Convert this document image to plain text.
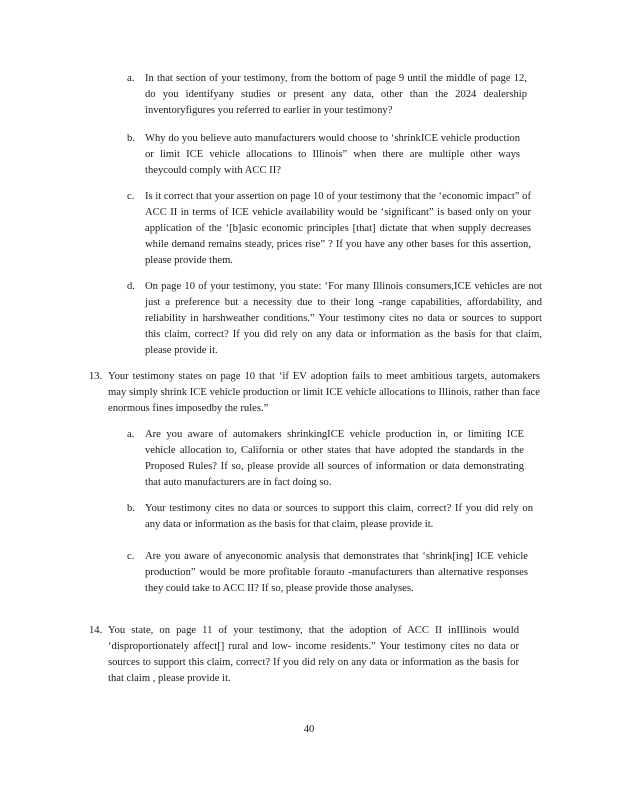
a.	In that section of your testimony, from the bottom of page 9 until the middle of page 12, do you identifyany studies or present any data, other than the 2024 dealership inventoryfigures you referred to earlier in your testimony?
b. Why do you believe auto manufacturers would choose to ‘shrinkICE vehicle production or limit ICE vehicle allocations to Illinois” when there are multiple other ways theycould comply with ACC II?
c.	Is it correct that your assertion on page 10 of your testimony that the ‘economic impact” of ACC II in terms of ICE vehicle availability would be ‘significant” is based only on your application of the ‘[b]asic economic principles [that] dictate that when supply decreases while demand remains steady, prices rise” ? If you have any other bases for this assertion, please provide them.
d. On page 10 of your testimony, you state: ‘For many Illinois consumers,ICE vehicles are not just a preference but a necessity due to their long -range capabilities, affordability, and reliability in harshweather conditions.” Your testimony cites no data or sources to support this claim, correct? If you did rely on any data or information as the basis for that claim, please provide it.
13. Your testimony states on page 10 that ‘if EV adoption fails to meet ambitious targets, automakers may simply shrink ICE vehicle production or limit ICE vehicle allocations to Illinois, rather than face enormous fines imposedby the rules.”
a.	Are you aware of automakers shrinkingICE vehicle production in, or limiting ICE vehicle allocation to, California or other states that have adopted the standards in the Proposed Rules? If so, please provide all sources of information or data demonstrating that auto manufacturers are in fact doing so.
b. Your testimony cites no data or sources to support this claim, correct? If you did rely on any data or information as the basis for that claim, please provide it.
c.	Are you aware of anyeconomic analysis that demonstrates that ‘shrink[ing] ICE vehicle production” would be more profitable forauto -manufacturers than alternative responses they could take to ACC II? If so, please provide those analyses.
14. You state, on page 11 of your testimony, that the adoption of ACC II inIllinois would ‘disproportionately affect[] rural and low- income residents.” Your testimony cites no data or sources to support this claim, correct? If you did rely on any data or information as the basis for that claim , please provide it.
40
